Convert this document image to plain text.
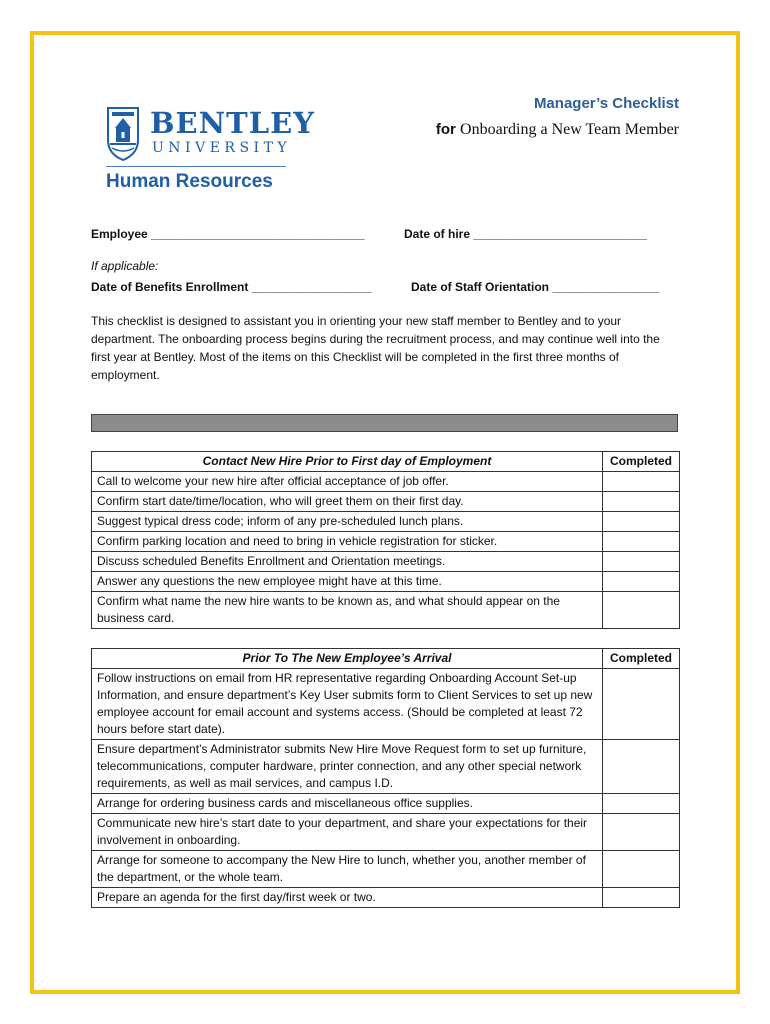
BENTLEY
UNIVERSITY
Human Resources
Manager’s Checklist
for Onboarding a New Team Member
Employee ________________________________	Date of hire __________________________
If applicable:
Date of Benefits Enrollment __________________	Date of Staff Orientation ________________
This checklist is designed to assistant you in orienting your new staff member to Bentley and to your department. The onboarding process begins during the recruitment process, and may continue well into the first year at Bentley. Most of the items on this Checklist will be completed in the first three months of employment.
Contact New Hire Prior to First day of Employment	Completed
Call to welcome your new hire after official acceptance of job offer.	
Confirm start date/time/location, who will greet them on their first day.	
Suggest typical dress code; inform of any pre-scheduled lunch plans.	
Confirm parking location and need to bring in vehicle registration for sticker.	
Discuss scheduled Benefits Enrollment and Orientation meetings.	
Answer any questions the new employee might have at this time.	
Confirm what name the new hire wants to be known as, and what should appear on the business card.	
Prior To The New Employee’s Arrival	Completed
Follow instructions on email from HR representative regarding Onboarding Account Set-up Information, and ensure department’s Key User submits form to Client Services to set up new employee account for email account and systems access. (Should be completed at least 72 hours before start date).	
Ensure department’s Administrator submits New Hire Move Request form to set up furniture, telecommunications, computer hardware, printer connection, and any other special network requirements, as well as mail services, and campus I.D.	
Arrange for ordering business cards and miscellaneous office supplies.	
Communicate new hire’s start date to your department, and share your expectations for their involvement in onboarding.	
Arrange for someone to accompany the New Hire to lunch, whether you, another member of the department, or the whole team.	
Prepare an agenda for the first day/first week or two.	
